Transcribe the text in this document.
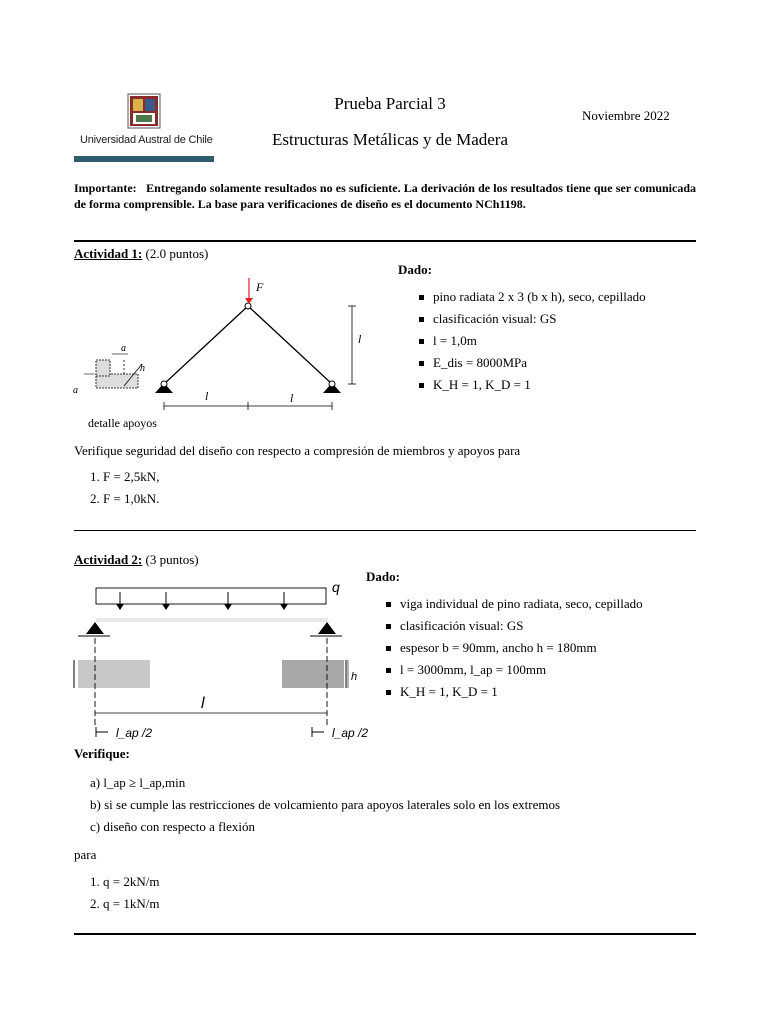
Universidad Austral de Chile
Prueba Parcial 3
Estructuras Metálicas y de Madera
Noviembre 2022
Importante: Entregando solamente resultados no es suficiente. La derivación de los resultados tiene que ser comunicada de forma comprensible. La base para verificaciones de diseño es el documento NCh1198.
Actividad 1: (2.0 puntos)
F
l
l	l
a
a
h
detalle apoyos
Dado:
pino radiata 2 x 3 (b x h), seco, cepillado
clasificación visual: GS
l = 1,0m
E_dis = 8000MPa
K_H = 1, K_D = 1
Verifique seguridad del diseño con respecto a compresión de miembros y apoyos para
1. F = 2,5kN,
2. F = 1,0kN.
Actividad 2: (3 puntos)
q
h
l
l_ap /2	l_ap /2
Dado:
viga individual de pino radiata, seco, cepillado
clasificación visual: GS
espesor b = 90mm, ancho h = 180mm
l = 3000mm, l_ap = 100mm
K_H = 1, K_D = 1
Verifique:
a) l_ap ≥ l_ap,min
b) si se cumple las restricciones de volcamiento para apoyos laterales solo en los extremos
c) diseño con respecto a flexión
para
1. q = 2kN/m
2. q = 1kN/m
